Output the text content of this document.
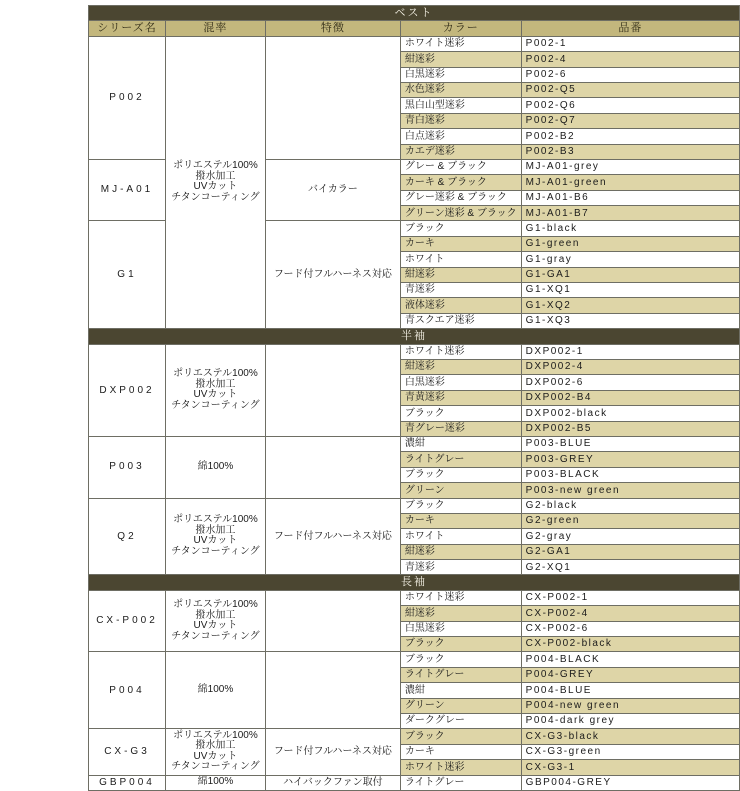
ベスト				
シリーズ名	混率	特徴	カラー	品番
P002	ポリエステル100%
撥水加工
UVカット
チタンコーティング		ホワイト迷彩	P002-1
			紺迷彩	P002-4
			白黒迷彩	P002-6
			水色迷彩	P002-Q5
			黒白山型迷彩	P002-Q6
			青白迷彩	P002-Q7
			白点迷彩	P002-B2
			カエデ迷彩	P002-B3
MJ-A01		バイカラー	グレー & ブラック	MJ-A01-grey
			カーキ & ブラック	MJ-A01-green
			グレー迷彩 & ブラック	MJ-A01-B6
			グリーン迷彩 & ブラック	MJ-A01-B7
G1		フード付フルハーネス対応	ブラック	G1-black
			カーキ	G1-green
			ホワイト	G1-gray
			紺迷彩	G1-GA1
			青迷彩	G1-XQ1
			液体迷彩	G1-XQ2
			青スクエア迷彩	G1-XQ3
半袖				
DXP002	ポリエステル100%
撥水加工
UVカット
チタンコーティング		ホワイト迷彩	DXP002-1
			紺迷彩	DXP002-4
			白黒迷彩	DXP002-6
			青黄迷彩	DXP002-B4
			ブラック	DXP002-black
			青グレー迷彩	DXP002-B5
P003	綿100%		濃紺	P003-BLUE
			ライトグレー	P003-GREY
			ブラック	P003-BLACK
			グリーン	P003-new green
Q2	ポリエステル100%
撥水加工
UVカット
チタンコーティング	フード付フルハーネス対応	ブラック	G2-black
			カーキ	G2-green
			ホワイト	G2-gray
			紺迷彩	G2-GA1
			青迷彩	G2-XQ1
長袖				
CX-P002	ポリエステル100%
撥水加工
UVカット
チタンコーティング		ホワイト迷彩	CX-P002-1
			紺迷彩	CX-P002-4
			白黒迷彩	CX-P002-6
			ブラック	CX-P002-black
P004	綿100%		ブラック	P004-BLACK
			ライトグレー	P004-GREY
			濃紺	P004-BLUE
			グリーン	P004-new green
			ダークグレー	P004-dark grey
CX-G3	ポリエステル100%
撥水加工
UVカット
チタンコーティング	フード付フルハーネス対応	ブラック	CX-G3-black
			カーキ	CX-G3-green
			ホワイト迷彩	CX-G3-1
GBP004	綿100%	ハイバックファン取付	ライトグレー	GBP004-GREY
